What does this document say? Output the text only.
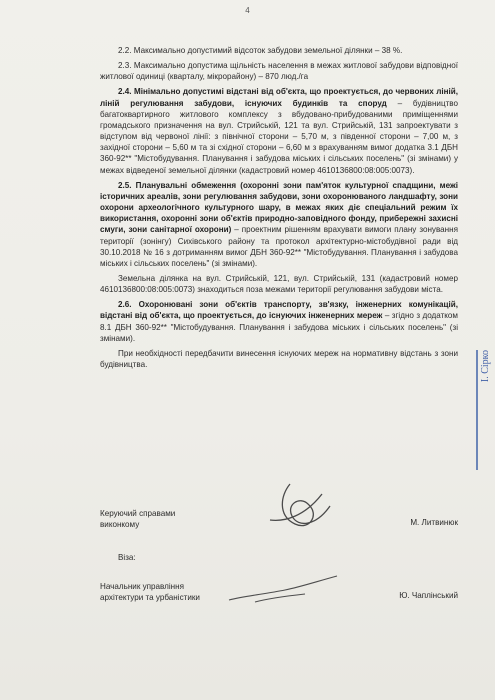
4

2.2. Максимально допустимий відсоток забудови земельної ділянки – 38 %.

2.3. Максимально допустима щільність населення в межах житлової забудови відповідної житлової одиниці (кварталу, мікрорайону) – 870 люд./га

2.4. Мінімально допустимі відстані від об'єкта, що проектується, до червоних ліній, ліній регулювання забудови, існуючих будинків та споруд – будівництво багатоквартирного житлового комплексу з вбудовано-прибудованими приміщеннями громадського призначення на вул. Стрийській, 121 та вул. Стрийській, 131 запроектувати з відступом від червоної лінії: з північної сторони – 5,70 м, з південної сторони – 7,00 м, з західної сторони – 5,60 м та зі східної сторони – 6,60 м з врахуванням вимог додатка 3.1 ДБН 360-92** "Містобудування. Планування і забудова міських і сільських поселень" (зі змінами) у межах відведеної земельної ділянки (кадастровий номер 4610136800:08:005:0073).

2.5. Планувальні обмеження (охоронні зони пам'яток культурної спадщини, межі історичних ареалів, зони регулювання забудови, зони охоронюваного ландшафту, зони охорони археологічного культурного шару, в межах яких діє спеціальний режим їх використання, охоронні зони об'єктів природно-заповідного фонду, прибережні захисні смуги, зони санітарної охорони) – проектним рішенням врахувати вимоги плану зонування території (зонінгу) Сихівського району та протокол архітектурно-містобудівної ради від 30.10.2018 № 16 з дотриманням вимог ДБН 360-92** "Містобудування. Планування і забудова міських і сільських поселень" (зі змінами).

Земельна ділянка на вул. Стрийській, 121, вул. Стрийській, 131 (кадастровий номер 4610136800:08:005:0073) знаходиться поза межами території регулювання забудови міста.

2.6. Охоронювані зони об'єктів транспорту, зв'язку, інженерних комунікацій, відстані від об'єкта, що проектується, до існуючих інженерних мереж – згідно з додатком 8.1 ДБН 360-92** "Містобудування. Планування і забудова міських і сільських поселень" (зі змінами).

При необхідності передбачити винесення існуючих мереж на нормативну відстань з зони будівництва.

Керуючий справами
виконкому	М. Литвинюк
Віза:
Начальник управління
архітектури та урбаністики	Ю. Чаплінський
І. Сірко
